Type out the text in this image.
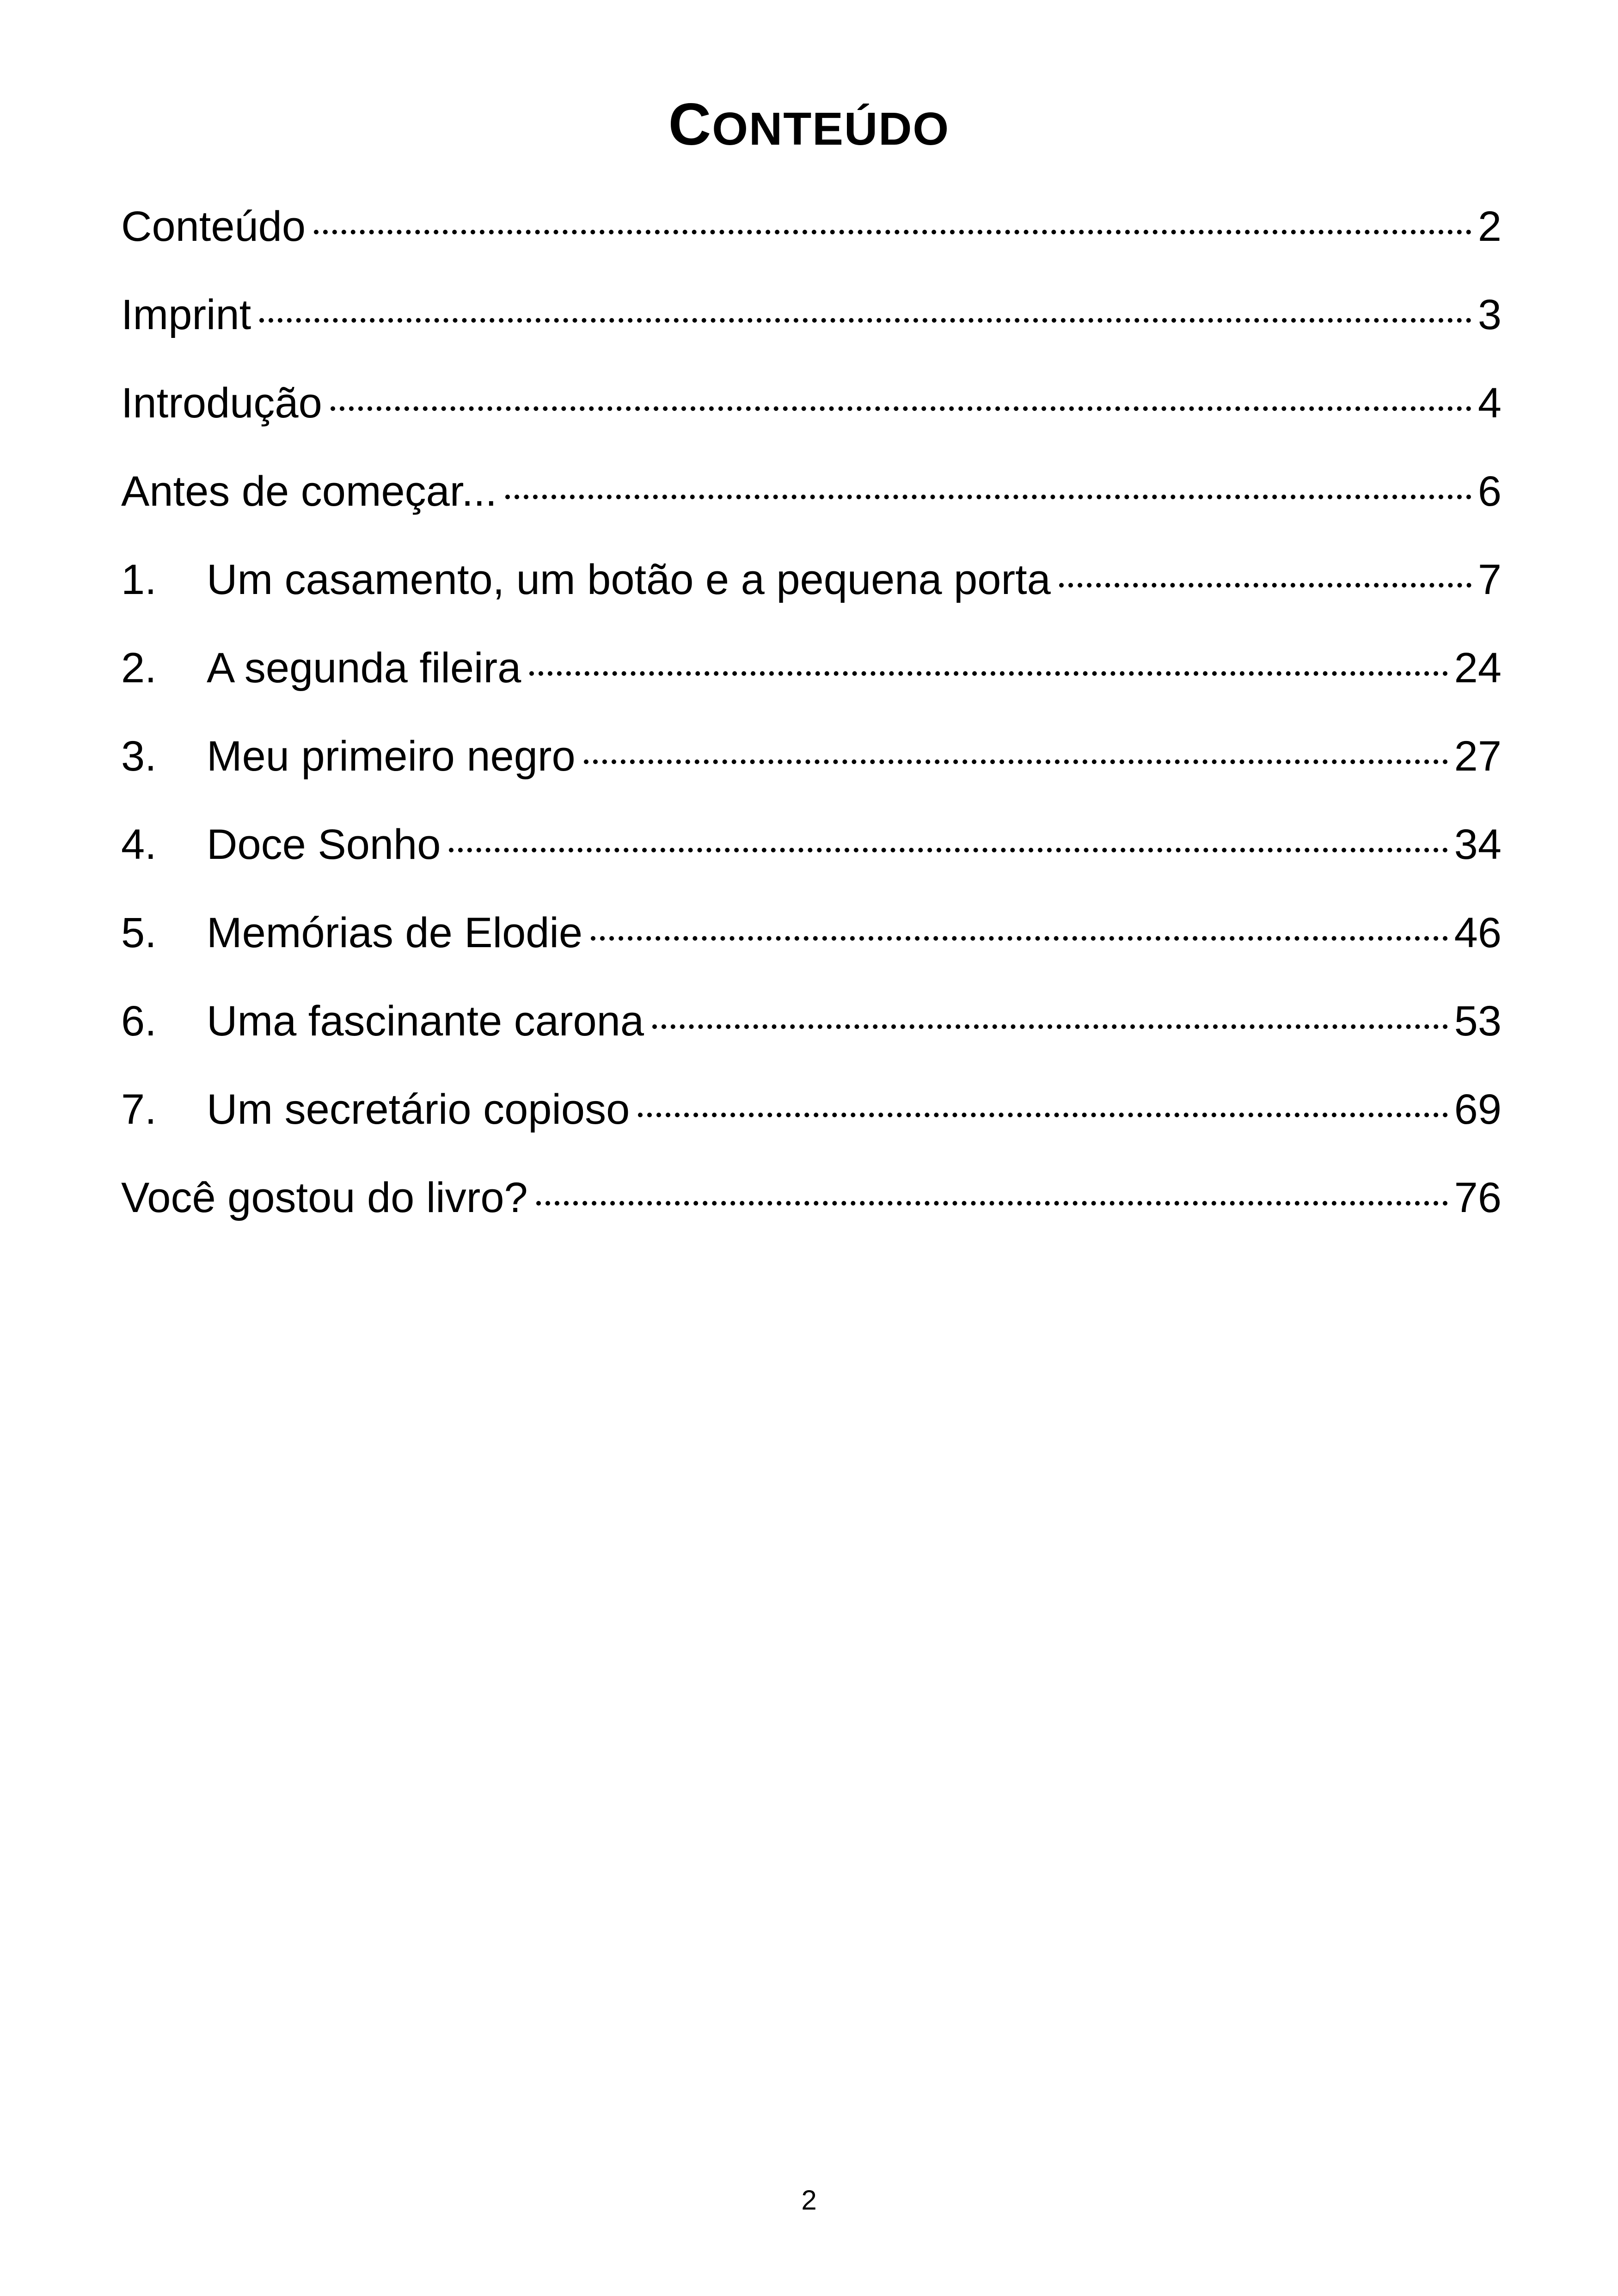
CONTEÚDO
Conteúdo	2
Imprint	3
Introdução	4
Antes de começar...	6
1.	Um casamento, um botão e a pequena porta	7
2.	A segunda fileira	24
3.	Meu primeiro negro	27
4.	Doce Sonho	34
5.	Memórias de Elodie	46
6.	Uma fascinante carona	53
7.	Um secretário copioso	69
Você gostou do livro?	76
2
